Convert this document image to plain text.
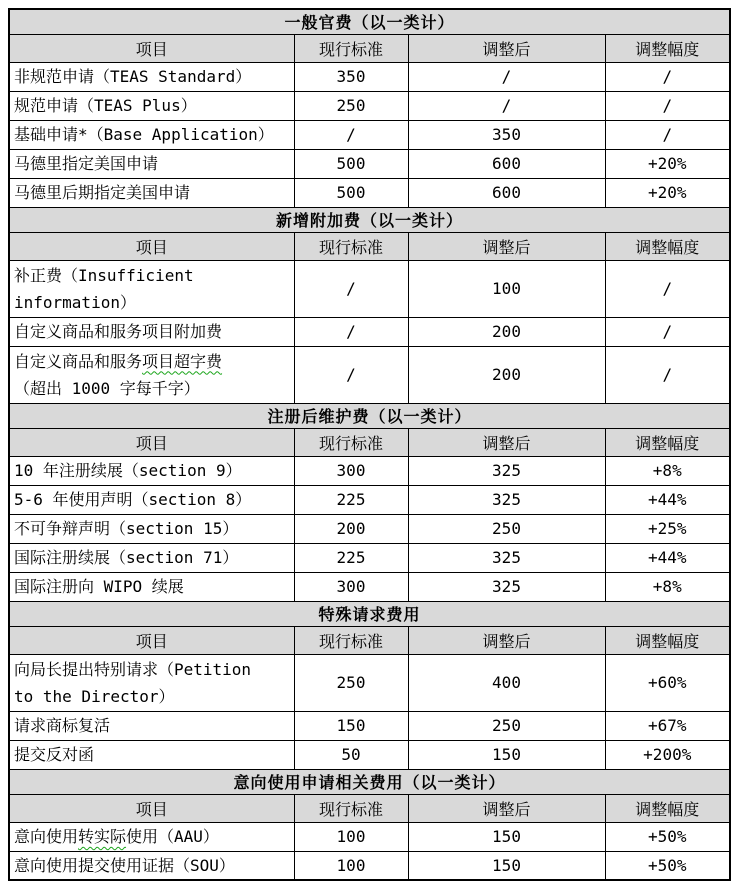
一般官费（以一类计）			
项目	现行标准	调整后	调整幅度

非规范申请（TEAS Standard）	350	/	/

规范申请（TEAS Plus）	250	/	/

基础申请*（Base Application）	/	350	/

马德里指定美国申请	500	600	+20%

马德里后期指定美国申请	500	600	+20%
新增附加费（以一类计）			
项目	现行标准	调整后	调整幅度

补正费（Insufficient
information）	/	100	/

自定义商品和服务项目附加费	/	200	/

自定义商品和服务项目超字费
（超出 1000 字每千字）	/	200	/
注册后维护费（以一类计）			
项目	现行标准	调整后	调整幅度

10 年注册续展（section 9）	300	325	+8%

5-6 年使用声明（section 8）	225	325	+44%

不可争辩声明（section 15）	200	250	+25%

国际注册续展（section 71）	225	325	+44%

国际注册向 WIPO 续展	300	325	+8%
特殊请求费用			
项目	现行标准	调整后	调整幅度

向局长提出特别请求（Petition
to the Director）	250	400	+60%

请求商标复活	150	250	+67%

提交反对函	50	150	+200%
意向使用申请相关费用（以一类计）			
项目	现行标准	调整后	调整幅度

意向使用转实际使用（AAU）	100	150	+50%

意向使用提交使用证据（SOU）	100	150	+50%
